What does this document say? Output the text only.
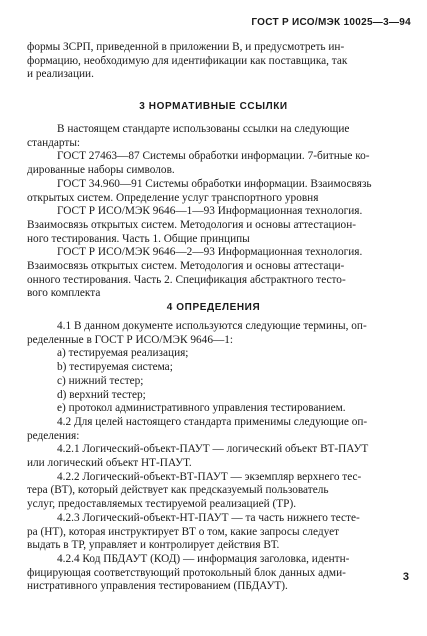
ГОСТ Р ИСО/МЭК 10025—3—94
формы ЗСРП, приведенной в приложении В, и предусмотреть ин-
формацию, необходимую для идентификации как поставщика, так
и реализации.
3 НОРМАТИВНЫЕ ССЫЛКИ
В настоящем стандарте использованы ссылки на следующие
стандарты:
ГОСТ 27463—87 Системы обработки информации. 7-битные ко-
дированные наборы символов.
ГОСТ 34.960—91 Системы обработки информации. Взаимосвязь
открытых систем. Определение услуг транспортного уровня
ГОСТ Р ИСО/МЭК 9646—1—93 Информационная технология.
Взаимосвязь открытых систем. Методология и основы аттестацион-
ного тестирования. Часть 1. Общие принципы
ГОСТ Р ИСО/МЭК 9646—2—93 Информационная технология.
Взаимосвязь открытых систем. Методология и основы аттестаци-
онного тестирования. Часть 2. Спецификация абстрактного тесто-
вого комплекта
4 ОПРЕДЕЛЕНИЯ
4.1 В данном документе используются следующие термины, оп-
ределенные в ГОСТ Р ИСО/МЭК 9646—1:
a) тестируемая реализация;
b) тестируемая система;
c) нижний тестер;
d) верхний тестер;
e) протокол административного управления тестированием.
4.2 Для целей настоящего стандарта применимы следующие оп-
ределения:
4.2.1 Логический-объект-ПАУТ — логический объект ВТ-ПАУТ
или логический объект НТ-ПАУТ.
4.2.2 Логический-объект-ВТ-ПАУТ — экземпляр верхнего тес-
тера (ВТ), который действует как предсказуемый пользователь
услуг, предоставляемых тестируемой реализацией (ТР).
4.2.3 Логический-объект-НТ-ПАУТ — та часть нижнего тесте-
ра (НТ), которая инструктирует ВТ о том, какие запросы следует
выдать в ТР, управляет и контролирует действия ВТ.
4.2.4 Код ПБДАУТ (КОД) — информация заголовка, идентн-
фицирующая соответствующий протокольный блок данных адми-
нистративного управления тестированием (ПБДАУТ).
3
